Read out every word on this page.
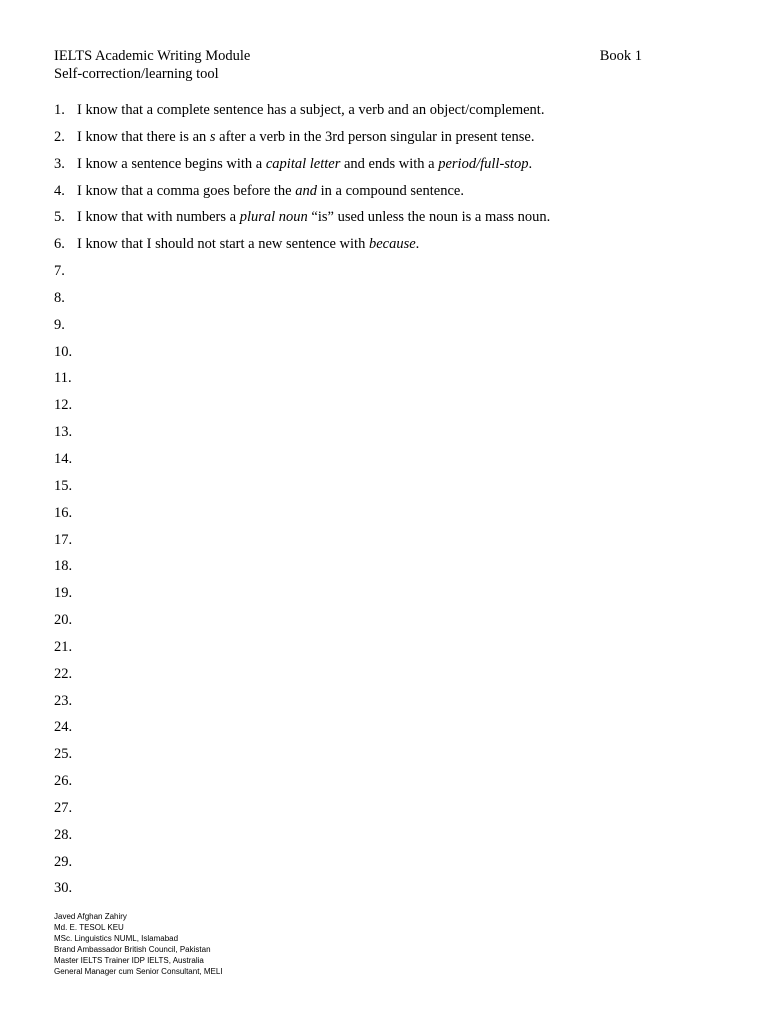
IELTS Academic Writing Module	Book 1
Self-correction/learning tool
1. I know that a complete sentence has a subject, a verb and an object/complement.
2. I know that there is an s after a verb in the 3rd person singular in present tense.
3. I know a sentence begins with a capital letter and ends with a period/full-stop.
4. I know that a comma goes before the and in a compound sentence.
5. I know that with numbers a plural noun “is” used unless the noun is a mass noun.
6. I know that I should not start a new sentence with because.
7.
8.
9.
10.
11.
12.
13.
14.
15.
16.
17.
18.
19.
20.
21.
22.
23.
24.
25.
26.
27.
28.
29.
30.
Javed Afghan Zahiry
Md. E. TESOL KEU
MSc. Linguistics NUML, Islamabad
Brand Ambassador British Council, Pakistan
Master IELTS Trainer IDP IELTS, Australia
General Manager cum Senior Consultant, MELI
